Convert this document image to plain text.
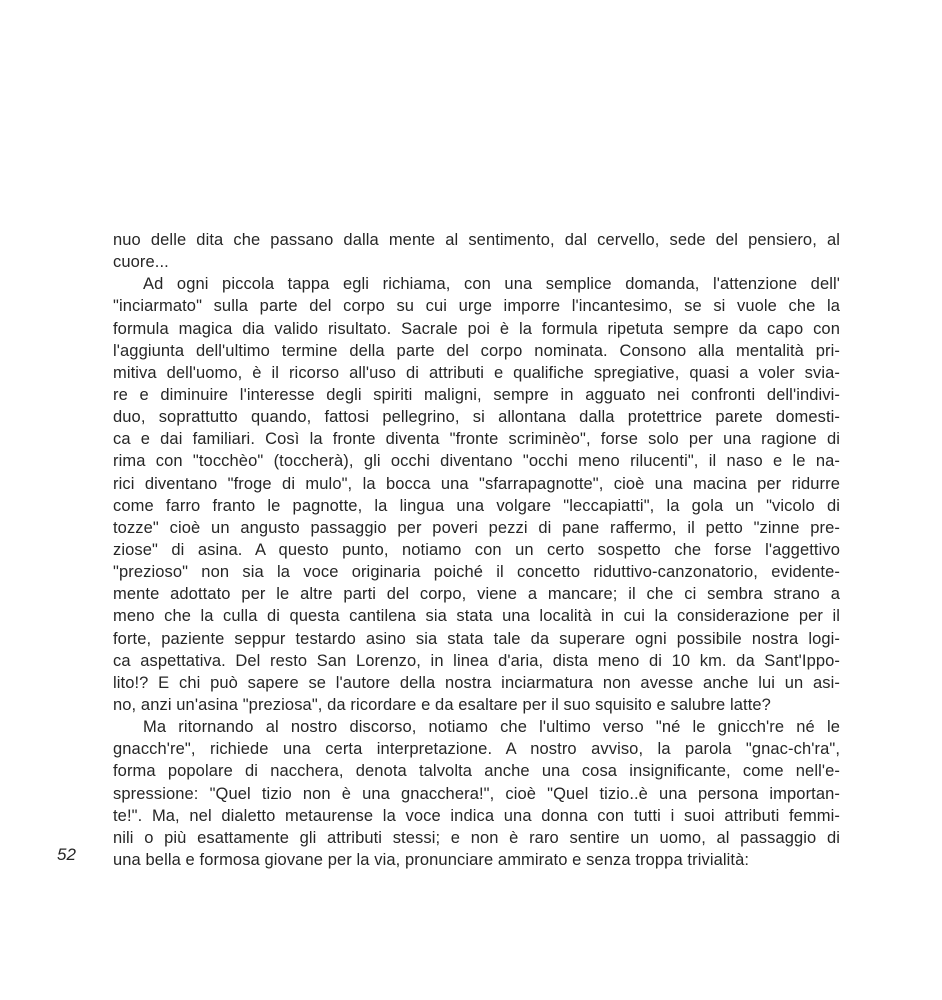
52
nuo delle dita che passano dalla mente al sentimento, dal cervello, sede del pensiero, al
cuore...
Ad ogni piccola tappa egli richiama, con una semplice domanda, l'attenzione dell'
"inciarmato" sulla parte del corpo su cui urge imporre l'incantesimo, se si vuole che la
formula magica dia valido risultato. Sacrale poi è la formula ripetuta sempre da capo con
l'aggiunta dell'ultimo termine della parte del corpo nominata. Consono alla mentalità pri-
mitiva dell'uomo, è il ricorso all'uso di attributi e qualifiche spregiative, quasi a voler svia-
re e diminuire l'interesse degli spiriti maligni, sempre in agguato nei confronti dell'indivi-
duo, soprattutto quando, fattosi pellegrino, si allontana dalla protettrice parete domesti-
ca e dai familiari. Così la fronte diventa "fronte scriminèo", forse solo per una ragione di
rima con "tocchèo" (toccherà), gli occhi diventano "occhi meno rilucenti", il naso e le na-
rici diventano "froge di mulo", la bocca una "sfarrapagnotte", cioè una macina per ridurre
come farro franto le pagnotte, la lingua una volgare "leccapiatti", la gola un "vicolo di
tozze" cioè un angusto passaggio per poveri pezzi di pane raffermo, il petto "zinne pre-
ziose" di asina. A questo punto, notiamo con un certo sospetto che forse l'aggettivo
"prezioso" non sia la voce originaria poiché il concetto riduttivo-canzonatorio, evidente-
mente adottato per le altre parti del corpo, viene a mancare; il che ci sembra strano a
meno che la culla di questa cantilena sia stata una località in cui la considerazione per il
forte, paziente seppur testardo asino sia stata tale da superare ogni possibile nostra logi-
ca aspettativa. Del resto San Lorenzo, in linea d'aria, dista meno di 10 km. da Sant'Ippo-
lito!? E chi può sapere se l'autore della nostra inciarmatura non avesse anche lui un asi-
no, anzi un'asina "preziosa", da ricordare e da esaltare per il suo squisito e salubre latte?
Ma ritornando al nostro discorso, notiamo che l'ultimo verso "né le gnicch're né le
gnacch're", richiede una certa interpretazione. A nostro avviso, la parola "gnac-ch'ra",
forma popolare di nacchera, denota talvolta anche una cosa insignificante, come nell'e-
spressione: "Quel tizio non è una gnacchera!", cioè "Quel tizio..è una persona importan-
te!". Ma, nel dialetto metaurense la voce indica una donna con tutti i suoi attributi femmi-
nili o più esattamente gli attributi stessi; e non è raro sentire un uomo, al passaggio di
una bella e formosa giovane per la via, pronunciare ammirato e senza troppa trivialità:
